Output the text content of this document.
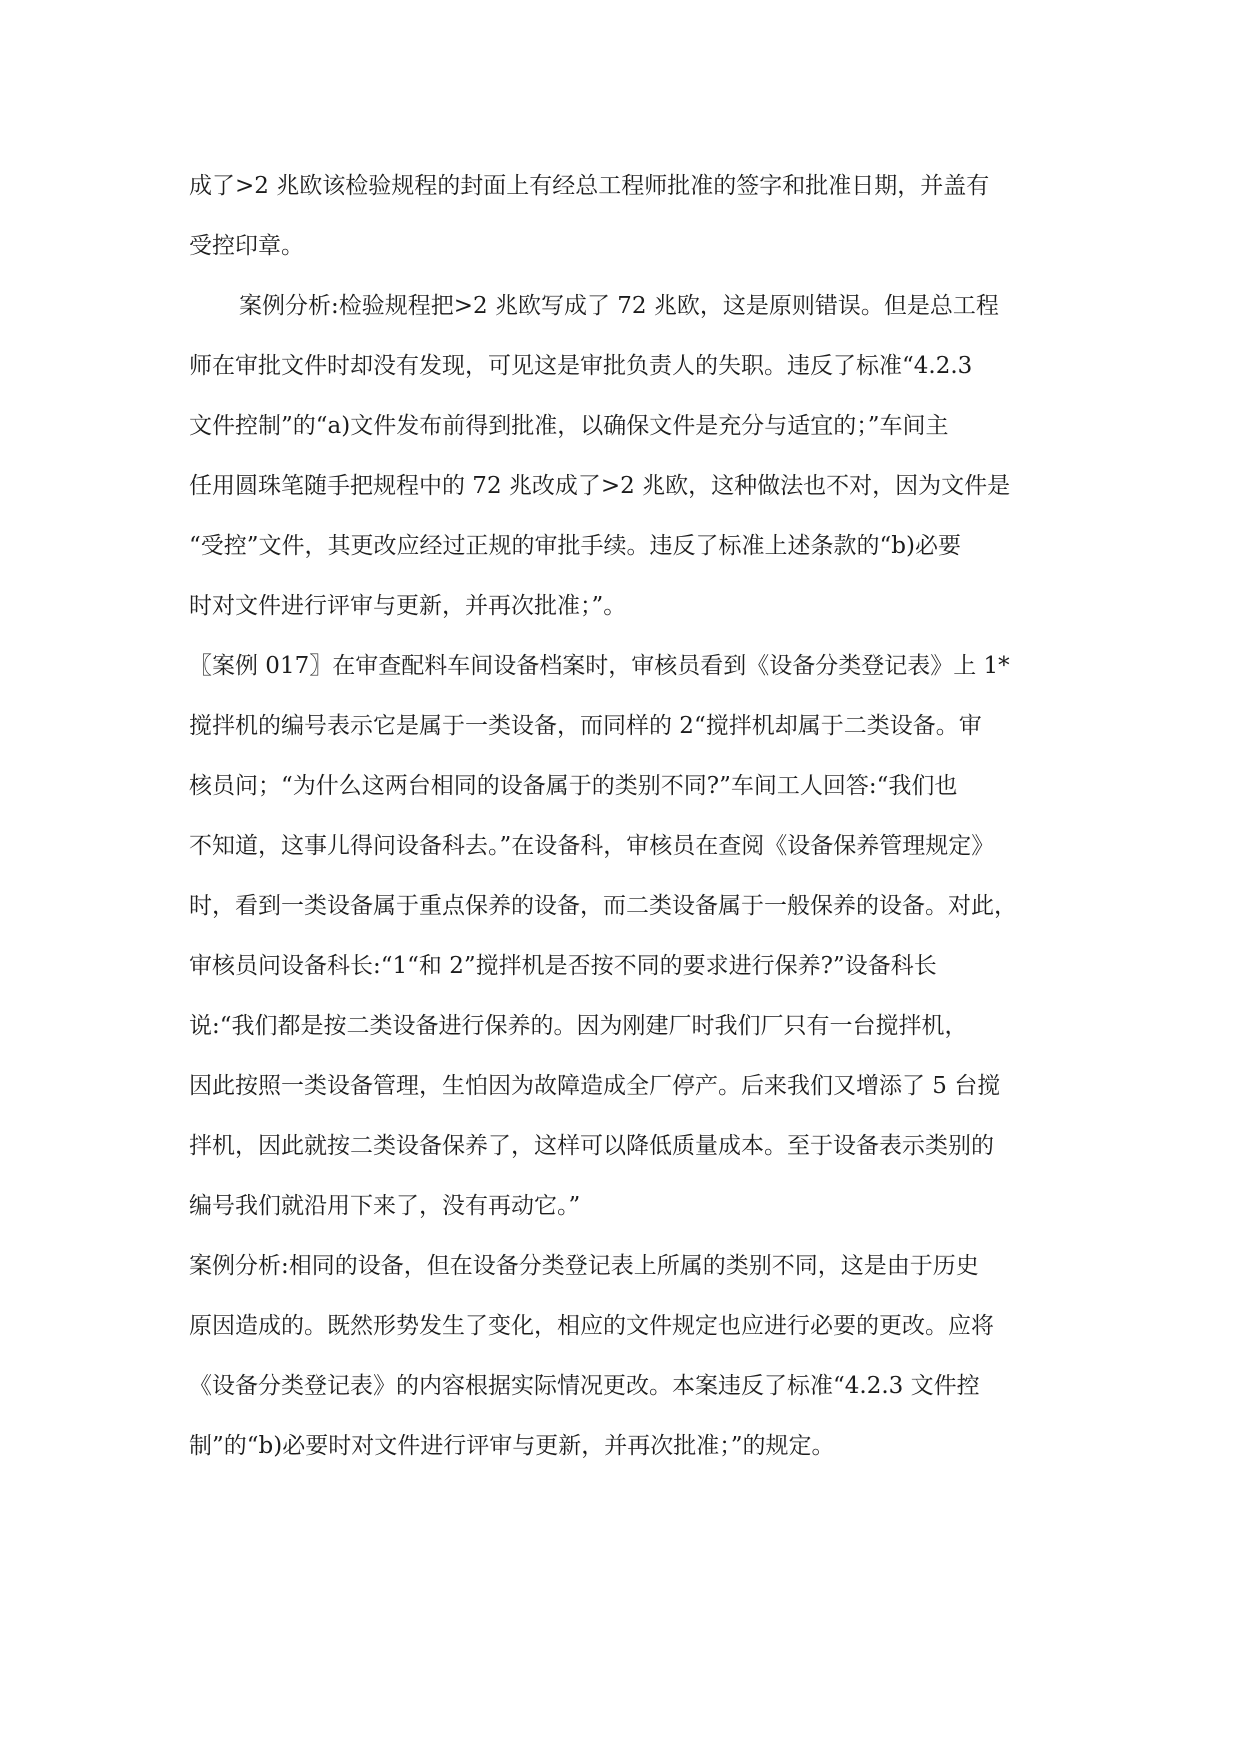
成了>2 兆欧该检验规程的封面上有经总工程师批准的签字和批准日期，并盖有
受控印章。
案例分析:检验规程把>2 兆欧写成了 72 兆欧，这是原则错误。但是总工程
师在审批文件时却没有发现，可见这是审批负责人的失职。违反了标准“4.2.3
文件控制”的“a)文件发布前得到批准，以确保文件是充分与适宜的；”车间主
任用圆珠笔随手把规程中的 72 兆改成了>2 兆欧，这种做法也不对，因为文件是
“受控”文件，其更改应经过正规的审批手续。违反了标准上述条款的“b)必要
时对文件进行评审与更新，并再次批准；”。
〖案例 017〗在审查配料车间设备档案时，审核员看到《设备分类登记表》上 1*
搅拌机的编号表示它是属于一类设备，而同样的 2“搅拌机却属于二类设备。审
核员问；“为什么这两台相同的设备属于的类别不同?”车间工人回答:“我们也
不知道，这事儿得问设备科去。”在设备科，审核员在查阅《设备保养管理规定》
时，看到一类设备属于重点保养的设备，而二类设备属于一般保养的设备。对此，
审核员问设备科长:“1“和 2”搅拌机是否按不同的要求进行保养?”设备科长
说:“我们都是按二类设备进行保养的。因为刚建厂时我们厂只有一台搅拌机，
因此按照一类设备管理，生怕因为故障造成全厂停产。后来我们又增添了 5 台搅
拌机，因此就按二类设备保养了，这样可以降低质量成本。至于设备表示类别的
编号我们就沿用下来了，没有再动它。”
案例分析:相同的设备，但在设备分类登记表上所属的类别不同，这是由于历史
原因造成的。既然形势发生了变化，相应的文件规定也应进行必要的更改。应将
《设备分类登记表》的内容根据实际情况更改。本案违反了标准“4.2.3 文件控
制”的“b)必要时对文件进行评审与更新，并再次批准；”的规定。
